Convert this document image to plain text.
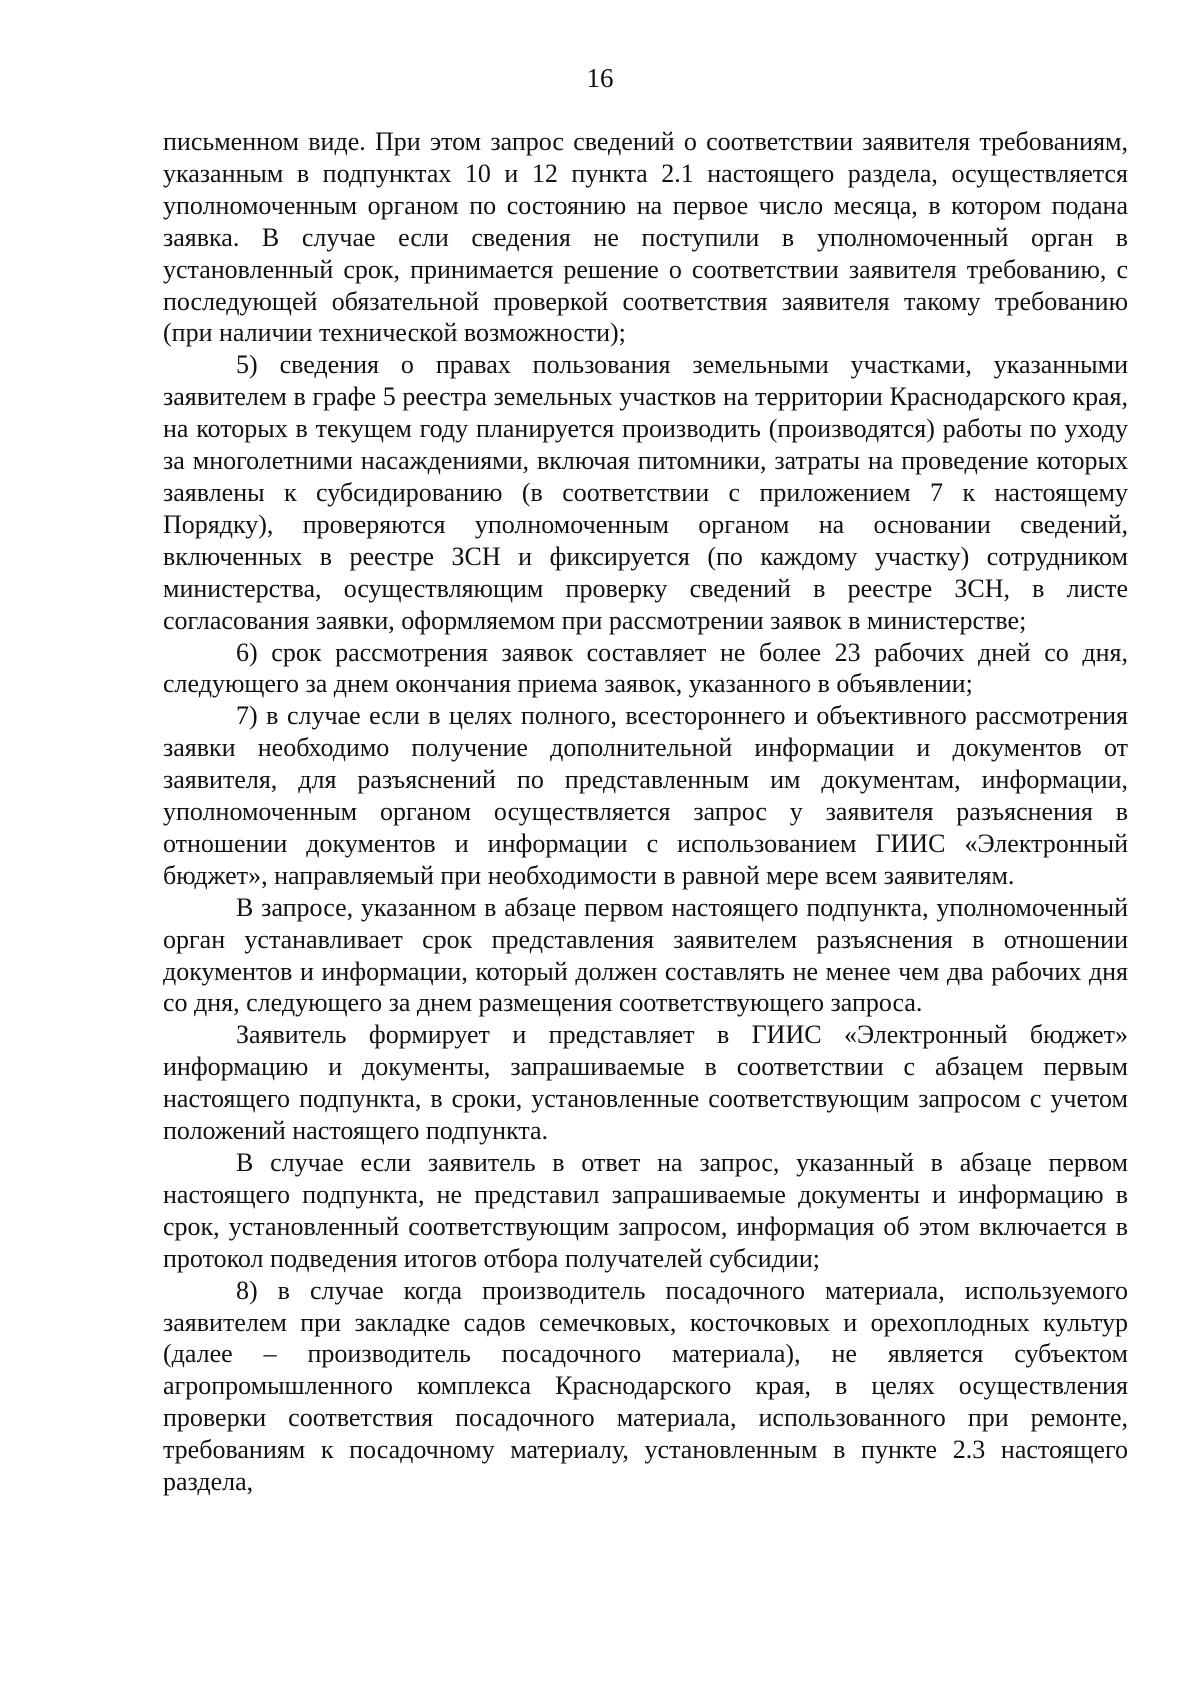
16

письменном виде. При этом запрос сведений о соответствии заявителя требованиям, указанным в подпунктах 10 и 12 пункта 2.1 настоящего раздела, осуществляется уполномоченным органом по состоянию на первое число месяца, в котором подана заявка. В случае если сведения не поступили в уполномоченный орган в установленный срок, принимается решение о соответствии заявителя требованию, с последующей обязательной проверкой соответствия заявителя такому требованию (при наличии технической возможности);

5) сведения о правах пользования земельными участками, указанными заявителем в графе 5 реестра земельных участков на территории Краснодарского края, на которых в текущем году планируется производить (производятся) работы по уходу за многолетними насаждениями, включая питомники, затраты на проведение которых заявлены к субсидированию (в соответствии с приложением 7 к настоящему Порядку), проверяются уполномоченным органом на основании сведений, включенных в реестре ЗСН и фиксируется (по каждому участку) сотрудником министерства, осуществляющим проверку сведений в реестре ЗСН, в листе согласования заявки, оформляемом при рассмотрении заявок в министерстве;

6) срок рассмотрения заявок составляет не более 23 рабочих дней со дня, следующего за днем окончания приема заявок, указанного в объявлении;

7) в случае если в целях полного, всестороннего и объективного рассмотрения заявки необходимо получение дополнительной информации и документов от заявителя, для разъяснений по представленным им документам, информации, уполномоченным органом осуществляется запрос у заявителя разъяснения в отношении документов и информации с использованием ГИИС «Электронный бюджет», направляемый при необходимости в равной мере всем заявителям.

В запросе, указанном в абзаце первом настоящего подпункта, уполномоченный орган устанавливает срок представления заявителем разъяснения в отношении документов и информации, который должен составлять не менее чем два рабочих дня со дня, следующего за днем размещения соответствующего запроса.

Заявитель формирует и представляет в ГИИС «Электронный бюджет» информацию и документы, запрашиваемые в соответствии с абзацем первым настоящего подпункта, в сроки, установленные соответствующим запросом с учетом положений настоящего подпункта.

В случае если заявитель в ответ на запрос, указанный в абзаце первом настоящего подпункта, не представил запрашиваемые документы и информацию в срок, установленный соответствующим запросом, информация об этом включается в протокол подведения итогов отбора получателей субсидии;

8) в случае когда производитель посадочного материала, используемого заявителем при закладке садов семечковых, косточковых и орехоплодных культур (далее – производитель посадочного материала), не является субъектом агропромышленного комплекса Краснодарского края, в целях осуществления проверки соответствия посадочного материала, использованного при ремонте, требованиям к посадочному материалу, установленным в пункте 2.3 настоящего раздела,
